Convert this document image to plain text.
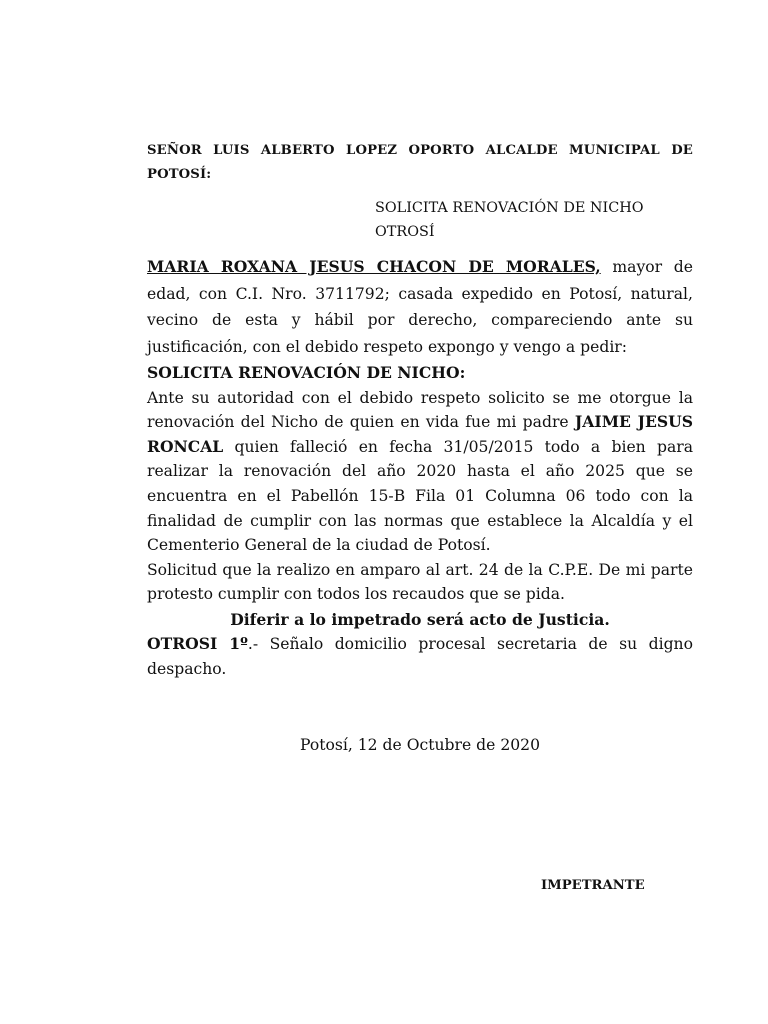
SEÑOR LUIS ALBERTO LOPEZ OPORTO ALCALDE MUNICIPAL DE POTOSÍ:
SOLICITA RENOVACIÓN DE NICHO
OTROSÍ

MARIA ROXANA JESUS CHACON DE MORALES, mayor de edad, con C.I. Nro. 3711792; casada expedido en Potosí, natural, vecino de esta y hábil por derecho, compareciendo ante su justificación, con el debido respeto expongo y vengo a pedir:

SOLICITA RENOVACIÓN DE NICHO:

Ante su autoridad con el debido respeto solicito se me otorgue la renovación del Nicho de quien en vida fue mi padre JAIME JESUS RONCAL quien falleció en fecha 31/05/2015 todo a bien para realizar la renovación del año 2020 hasta el año 2025 que se encuentra en el Pabellón 15-B Fila 01 Columna 06 todo con la finalidad de cumplir con las normas que establece la Alcaldía y el Cementerio General de la ciudad de Potosí.

Solicitud que la realizo en amparo al art. 24 de la C.P.E. De mi parte protesto cumplir con todos los recaudos que se pida.

Diferir a lo impetrado será acto de Justicia.

OTROSI 1º.- Señalo domicilio procesal secretaria de su digno despacho.

Potosí, 12 de Octubre de 2020
IMPETRANTE
